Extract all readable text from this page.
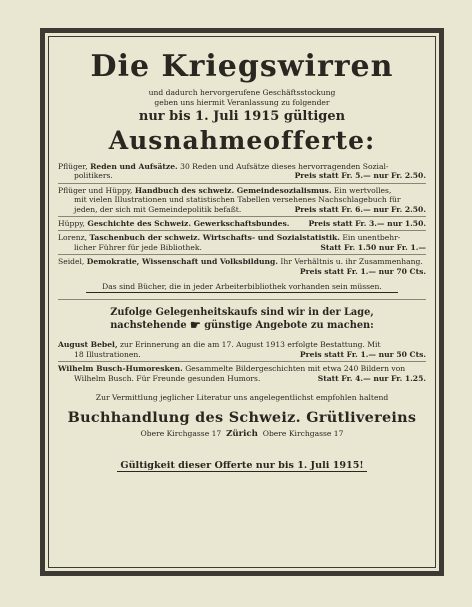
Die Kriegswirren
und dadurch hervorgerufene Geschäftsstockung
geben uns hiermit Veranlassung zu folgender
nur bis 1. Juli 1915 gültigen
Ausnahmeofferte:
Pflüger, Reden und Aufsätze. 30 Reden und Aufsätze dieses hervorragenden Sozial-
politikers.	Preis statt Fr. 5.— nur Fr. 2.50.
Pflüger und Hüppy, Handbuch des schweiz. Gemeindesozialismus. Ein wertvolles,
mit vielen Illustrationen und statistischen Tabellen versehenes Nachschlagebuch für
jeden, der sich mit Gemeindepolitik befaßt.	Preis statt Fr. 6.— nur Fr. 2.50.
Hüppy, Geschichte des Schweiz. Gewerkschaftsbundes.	Preis statt Fr. 3.— nur 1.50.
Lorenz, Taschenbuch der schweiz. Wirtschafts- und Sozialstatistik. Ein unentbehr-
licher Führer für jede Bibliothek.	Statt Fr. 1.50 nur Fr. 1.—
Seidel, Demokratie, Wissenschaft und Volksbildung. Ihr Verhältnis u. ihr Zusammenhang.
Preis statt Fr. 1.— nur 70 Cts.
Das sind Bücher, die in jeder Arbeiterbibliothek vorhanden sein müssen.
Zufolge Gelegenheitskaufs sind wir in der Lage,
nachstehende ☛ günstige Angebote zu machen:
August Bebel, zur Erinnerung an die am 17. August 1913 erfolgte Bestattung. Mit
18 Illustrationen.	Preis statt Fr. 1.— nur 50 Cts.
Wilhelm Busch-Humoresken. Gesammelte Bildergeschichten mit etwa 240 Bildern von
Wilhelm Busch. Für Freunde gesunden Humors.	Statt Fr. 4.— nur Fr. 1.25.
Zur Vermittlung jeglicher Literatur uns angelegentlichst empfohlen haltend
Buchhandlung des Schweiz. Grütlivereins
Obere Kirchgasse 17 Zürich Obere Kirchgasse 17
Gültigkeit dieser Offerte nur bis 1. Juli 1915!
